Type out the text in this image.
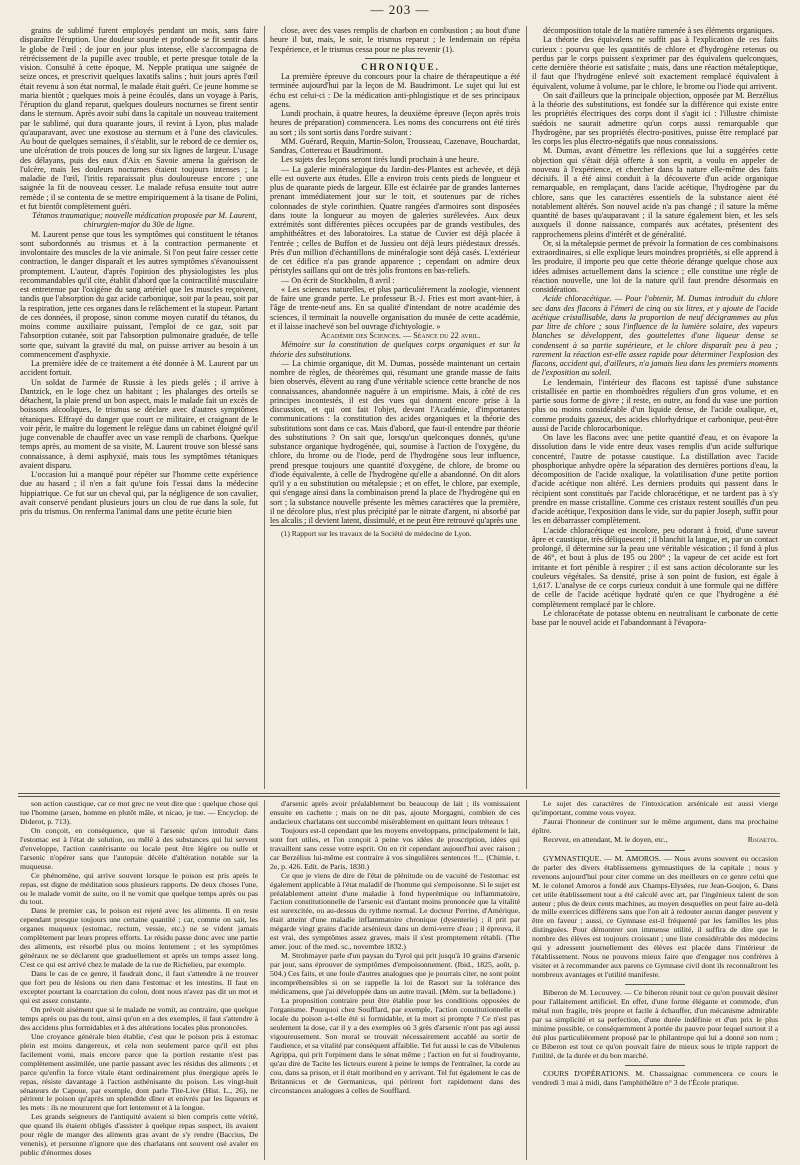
— 203 —

grains de sublimé furent employés pendant un mois, sans faire disparaître l'éruption. Une douleur sourde et profonde se fit sentir dans le globe de l'œil ; de jour en jour plus intense, elle s'accompagna de rétrécissement de la pupille avec trouble, et perte presque totale de la vision. Consulté à cette époque, M. Nepple pratiqua une saignée de seize onces, et prescrivit quelques laxatifs salins ; huit jours après l'œil était revenu à son état normal, le malade était guéri. Ce jeune homme se maria bientôt ; quelques mois à peine écoulés, dans un voyage à Paris, l'éruption du gland reparut, quelques douleurs nocturnes se firent sentir dans le sternum. Après avoir subi dans la capitale un nouveau traitement par le sublimé, qui dura quarante jours, il revint à Lyon, plus malade qu'auparavant, avec une exostose au sternum et à l'une des clavicules. Au bout de quelques semaines, il s'établit, sur le rebord de ce dernier os, une ulcération de trois pouces de long sur six lignes de largeur. L'usage des délayans, puis des eaux d'Aix en Savoie amena la guérison de l'ulcère, mais les douleurs nocturnes étaient toujours intenses ; la maladie de l'œil, l'iritis reparaissait plus douloureuse encore ; une saignée la fit de nouveau cesser. Le malade refusa ensuite tout autre remède ; il se contenta de se mettre empiriquement à la tisane de Polini, et fut bientôt complètement guéri.

Tétanos traumatique; nouvelle médication proposée par M. Laurent, chirurgien-major du 30e de ligne.

M. Laurent pense que tous les symptômes qui constituent le tétanos sont subordonnés au trismus et à la contraction permanente et involontaire des muscles de la vie animale. Si l'on peut faire cesser cette contraction, le danger disparaît et les autres symptômes s'évanouissent promptement. L'auteur, d'après l'opinion des physiologistes les plus recommandables qu'il cite, établit d'abord que la contractilité musculaire est entretenue par l'oxigène du sang artériel que les muscles reçoivent, tandis que l'absorption du gaz acide carbonique, soit par la peau, soit par la respiration, jette ces organes dans le relâchement et la stupeur. Partant de ces données, il propose, sinon comme moyen curatif du tétanos, du moins comme auxiliaire puissant, l'emploi de ce gaz, soit par l'absorption cutanée, soit par l'absorption pulmonaire graduée, de telle sorte que, suivant la gravité du mal, on puisse arriver au besoin à un commencement d'asphyxie.

La première idée de ce traitement a été donnée à M. Laurent par un accident fortuit.

Un soldat de l'armée de Russie à les pieds gelés ; il arrive à Dantzick, en le loge chez un habitant ; les phalanges des orteils se détachent, la plaie prend un bon aspect, mais le malade fait un excès de boissons alcooliques, le trismus se déclare avec d'autres symptômes tétaniques. Effrayé du danger que court ce militaire, et craignant de le voir périr, le maître du logement le relègue dans un cabinet éloigné qu'il juge convenable de chauffer avec un vase rempli de charbons. Quelque temps après, au moment de sa visite, M. Laurent trouve son blessé sans connaissance, à demi asphyxié, mais tous les symptômes tétaniques avaient disparu.

L'occasion lui a manqué pour répéter sur l'homme cette expérience due au hasard ; il n'en a fait qu'une fois l'essai dans la médecine hippiatrique. Ce fut sur un cheval qui, par la négligence de son cavalier, avait conservé pendant plusieurs jours un clou de rue dans la sole, fut pris du trismus. On renferma l'animal dans une petite écurie bien

close, avec des vases remplis de charbon en combustion ; au bout d'une heure il but, mais, le soir, le trismus reparut ; le lendemain on répéta l'expérience, et le trismus cessa pour ne plus revenir (1).

CHRONIQUE.

La première épreuve du concours pour la chaire de thérapeutique a été terminée aujourd'hui par la leçon de M. Baudrimont. Le sujet qui lui est échu est celui-ci : De la médication anti-phlogistique et de ses principaux agens.

Lundi prochain, à quatre heures, la deuxième épreuve (leçon après trois heures de préparation) commencera. Les noms des concurrens ont été tirés au sort ; ils sont sortis dans l'ordre suivant :

MM. Guérard, Requin, Martin-Solon, Trousseau, Cazenave, Bouchardat, Sandras, Cottereau et Baudrimont.

Les sujets des leçons seront tirés lundi prochain à une heure.

— La galerie minéralogique du Jardin-des-Plantes est achevée, et déjà elle est ouverte aux études. Elle a environ trois cents pieds de longueur et plus de quarante pieds de largeur. Elle est éclairée par de grandes lanternes prenant immédiatement jour sur le toit, et soutenues par de riches colonnades de style corinthien. Quatre rangées d'armoires sont disposées dans toute la longueur au moyen de galeries surélevées. Aux deux extrémités sont différentes pièces occupées par de grands vestibules, des amphithéâtres et des laboratoires. La statue de Cuvier est déjà placée à l'entrée ; celles de Buffon et de Jussieu ont déjà leurs piédestaux dressés. Près d'un million d'échantillons de minéralogie sont déjà casés. L'extérieur de cet édifice n'a pas grande apparence ; cependant on admire deux péristyles saillans qui ont de très jolis frontons en bas-reliefs.

— On écrit de Stockholm, 8 avril :

« Les sciences naturelles, et plus particulièrement la zoologie, viennent de faire une grande perte. Le professeur B.-J. Fries est mort avant-hier, à l'âge de trente-neuf ans. En sa qualité d'intendant de notre académie des sciences, il terminait la nouvelle organisation du musée de cette académie, et il laisse inachevé son bel ouvrage d'ichtyologie. »

Académie des Sciences. — Séance du 22 avril.

Mémoire sur la constitution de quelques corps organiques et sur la théorie des substitutions.

— La chimie organique, dit M. Dumas, possède maintenant un certain nombre de règles, de théorèmes qui, résumant une grande masse de faits bien observés, élèvent au rang d'une véritable science cette branche de nos connaissances, abandonnée naguère à un empirisme. Mais, à côté de ces principes incontestés, il est des vues qui donnent encore prise à la discussion, et qui ont fait l'objet, devant l'Académie, d'importantes communications : la constitution des acides organiques et la théorie des substitutions sont dans ce cas. Mais d'abord, que faut-il entendre par théorie des substitutions ? On sait que, lorsqu'un quelconques donnés, qu'une substance organique hydrogénée, qui, soumise à l'action de l'oxygène, du chlore, du brome ou de l'iode, perd de l'hydrogène sous leur influence, prend presque toujours une quantité d'oxygène, de chlore, de brome ou d'iode équivalente, à celle de l'hydrogène qu'elle a abandonné. On dit alors qu'il y a eu substitution ou métalepsie ; et on effet, le chlore, par exemple, qui s'engage ainsi dans la combinaison prend la place de l'hydrogène qui en sort ; la substance nouvelle présente les mêmes caractères que la première, il ne décolore plus, n'est plus précipité par le nitrate d'argent, ni absorbé par les alcalis ; il devient latent, dissimulé, et ne peut être retrouvé qu'après une

(1) Rapport sur les travaux de la Société de médecine de Lyon.

décomposition totale de la matière ramenée à ses éléments organiques.

La théorie des équivalens ne suffit pas à l'explication de ces faits curieux : pourvu que les quantités de chlore et d'hydrogène retenus ou perdus par le corps puissent s'exprimer par des équivalens quelconques, cette dernière théorie est satisfaite ; mais, dans une réaction métaleptique, il faut que l'hydrogène enlevé soit exactement remplacé équivalent à équivalent, volume à volume, par le chlore, le brome ou l'iode qui arrivent.

On sait d'ailleurs que la principale objection, opposée par M. Berzélius à la théorie des substitutions, est fondée sur la différence qui existe entre les propriétés électriques des corps dont il s'agit ici : l'illustre chimiste suédois ne saurait admettre qu'un corps aussi remarquable que l'hydrogène, par ses propriétés électro-positives, puisse être remplacé par les corps les plus électro-négatifs que nous connaissions.

M. Dumas, avant d'émettre les réflexions que lui a suggérées cette objection qui s'était déjà offerte à son esprit, a voulu en appeler de nouveau à l'expérience, et chercher dans la nature elle-même des faits décisifs. Il a été ainsi conduit à la découverte d'un acide organique remarquable, en remplaçant, dans l'acide acétique, l'hydrogène par du chlore, sans que les caractères essentiels de la substance aient été notablement altérés. Son nouvel acide n'a pas changé ; il sature la même quantité de bases qu'auparavant ; il la sature également bien, et les sels auxquels il donne naissance, comparés aux acétates, présentent des rapprochemens pleins d'intérêt et de généralité.

Or, si la métalepsie permet de prévoir la formation de ces combinaisons extraordinaires, si elle explique leurs moindres propriétés, si elle apprend à les produire, il importe peu que cette théorie dérange quelque chose aux idées admises actuellement dans la science ; elle constitue une règle de réaction nouvelle, une loi de la nature qu'il faut prendre désormais en considération.

Acide chloracétique. — Pour l'obtenir, M. Dumas introduit du chlore sec dans des flacons à l'émeri de cinq ou six litres, et y ajoute de l'acide acétique cristallisable, dans la proportion de neuf décigrammes au plus par litre de chlore ; sous l'influence de la lumière solaire, des vapeurs blanches se développent, des gouttelettes d'une liqueur dense se condensent à sa partie supérieure, et le chlore disparaît peu à peu ; rarement la réaction est-elle assez rapide pour déterminer l'explosion des flacons, accident qui, d'ailleurs, n'a jamais lieu dans les premiers moments de l'exposition au soleil.

Le lendemain, l'intérieur des flacons est tapissé d'une substance cristallisée en partie en rhomboèdres réguliers d'un gros volume, et en partie sous forme de givre ; il reste, en outre, au fond du vase une portion plus ou moins considérable d'un liquide dense, de l'acide oxalique, et, comme produits gazeux, des acides chlorhydrique et carbonique, peut-être aussi de l'acide chlorocarbonique.

On lave les flacons avec une petite quantité d'eau, et on évapore la dissolution dans le vide entre deux vases remplis d'un acide sulfurique concentré, l'autre de potasse caustique. La distillation avec l'acide phosphorique anhydre opère la séparation des dernières portions d'eau, la décomposition de l'acide oxalique, la volatilisation d'une petite portion d'acide acétique non altéré. Les derniers produits qui passent dans le récipient sont constitués par l'acide chloracétique, et ne tardent pas à s'y prendre en masse cristalline. Comme ces cristaux restent souillés d'un peu d'acide acétique, l'exposition dans le vide, sur du papier Joseph, suffit pour les en débarrasser complètement.

L'acide chloracétique est incolore, peu odorant à froid, d'une saveur âpre et caustique, très déliquescent ; il blanchit la langue, et, par un contact prolongé, il détermine sur la peau une véritable vésication ; il fond à plus de 46°, et bout à plus de 195 ou 200° ; la vapeur de cet acide est fort irritante et fort pénible à respirer ; il est sans action décolorante sur les couleurs végétales. Sa densité, prise à son point de fusion, est égale à 1,617. L'analyse de ce corps curieux conduit à une formule qui ne diffère de celle de l'acide acétique hydraté qu'en ce que l'hydrogène a été complètement remplacé par le chlore.

Le chloracétate de potasse obtenu en neutralisant le carbonate de cette base par le nouvel acide et l'abandonnant à l'évapora-

son action caustique, car ce mot grec ne veut dire que : quelque chose qui tue l'homme (arsen, homme en plutôt mâle, et nicao, je tue. — Encyclop. de Diderot, p. 713).

On conçoit, en conséquence, que si l'arsenic qu'on introduit dans l'estomac est à l'état de solution, ou mêlé à des substances qui lui servent d'enveloppe, l'action cautérisante ou locale peut être légère ou nulle et l'arsenic n'opérer sans que l'autopsie décèle d'altération notable sur la muqueuse.

Ce phénomène, qui arrive souvent lorsque le poison est pris après le repas, est digne de méditation sous plusieurs rapports. De deux choses l'une, ou le malade vomit de suite, ou il ne vomit que quelque temps après ou pas du tout.

Dans le premier cas, le poison est rejeté avec les aliments. Il en reste cependant presque toujours une certaine quantité ; car, comme on sait, les organes muqueux (estomac, rectum, vessie, etc.) ne se vident jamais complètement par leurs propres efforts. Le résidu passe donc avec une partie des aliments, est résorbé plus ou moins lentement ; et les symptômes généraux ne se déclarent que graduellement et après un temps assez long. C'est ce qui est arrivé chez le malade de la rue de Richelieu, par exemple.

Dans le cas de ce genre, il faudrait donc, il faut s'attendre à ne trouver que fort peu de lésions ou rien dans l'estomac et les intestins. Il faut en excepter pourtant la coarctation du colon, dont nous n'avez pas dit un mot et qui est assez constante.

On prévoit aisément que si le malade ne vomit, au contraire, que quelque temps après ou pas du tout, ainsi qu'on en a des exemples, il faut s'attendre à des accidens plus formidables et à des altérations locales plus prononcées.

Une croyance générale bien établie, c'est que le poison pris à estomac plein est moins dangereux, et cela non seulement parce qu'il est plus facilement vomi, mais encore parce que la portion restante n'est pas complètement assimilée, une partie passant avec les résidus des aliments ; et parce qu'enfin la force vitale étant ordinairement plus énergique après le repas, résiste davantage à l'action asthénisante du poison. Les vingt-huit sénateurs de Capoue, par exemple, dont parle Tite-Live (Hist. L., 26), ne périrent le poison qu'après un splendide dîner et enivrés par les liqueurs et les mets : ils ne moururent que fort lentement et à la longue.

Les grands seigneurs de l'antiquité avaient si bien compris cette vérité, que quand ils étaient obligés d'assister à quelque repas suspect, ils avaient pour règle de manger des aliments gras avant de s'y rendre (Baccius, De venenis), et personne n'ignore que des charlatans ont souvent osé avaler en public d'énormes doses

d'arsenic après avoir préalablement bu beaucoup de lait ; ils vomissaient ensuite en cachette ; mais on ne dit pas, ajoute Morgagni, combien de ces audacieux charlatans ont succombé misérablement en quittant leurs tréteaux !

Toujours est-il cependant que les moyens enveloppans, principalement le lait, sont fort utiles, et l'on conçoit à peine vos idées de proscription, idées qui travaillent sans cesse votre esprit. On en rit cependant aujourd'hui avec raison ; car Berzélius lui-même est contraire à vos singulières sentences !!... (Chimie, t. 2e, p. 426. Edit. de Paris, 1830.)

Ce que je viens de dire de l'état de plénitude ou de vacuité de l'estomac est également applicable à l'état maladif de l'homme qui s'empoisonne. Si le sujet est préalablement atteint d'une maladie à fond hyperémique ou inflammatoire, l'action constitutionnelle de l'arsenic est d'autant moins prononcée que la vitalité est surexcitée, ou au-dessus du rythme normal. Le docteur Perrine, d'Amérique, était atteint d'une maladie inflammatoire chronique (dysenterie) ; il prit par mégarde vingt grains d'acide arsénieux dans un demi-verre d'eau ; il épreuva, il est vrai, des symptômes assez graves, mais il s'est promptement rétabli. (The amer. jour. of the med. sc., novembre 1832.)

M. Strohmayer parle d'un paysan du Tyrol qui prit jusqu'à 10 grains d'arsenic par jour, sans éprouver de symptômes d'empoisonnement. (Ibid., 1825, août, p. 504.) Ces faits, et une foule d'autres analogues que je pourrais citer, ne sont point incompréhensibles si on se rappelle la loi de Rasori sur la tolérance des médicamens, que j'ai développée dans un autre travail. (Mém. sur la belladone.)

La proposition contraire peut être établie pour les conditions opposées de l'organisme. Pourquoi chez Soufflard, par exemple, l'action constitutionnelle et locale du poison a-t-elle été si formidable, et la mort si prompte ? Ce n'est pas seulement la dose, car il y a des exemples où 3 grés d'arsenic n'ont pas agi aussi vigoureusement. Son moral se trouvait nécessairement accablé au sortir de l'audience, et sa vitalité par conséquent affaiblie. Tel fut aussi le cas de Vibulenus Agrippa, qui prit l'orpiment dans le sénat même ; l'action en fut si foudroyante, qu'au dire de Tacite les licteurs eurent à peine le temps de l'entraîner, la corde au cou, dans sa prison, et il était moribond en y arrivant. Tel fut également le cas de Britannicus et de Germanicus, qui périrent fort rapidement dans des circonstances analogues à celles de Soufflard.

Le sujet des caractères de l'intoxication arsénicale est aussi vierge qu'important, comme vous voyez.

J'aurai l'honneur de continuer sur le même argument, dans ma prochaine épître.

Recevez, en attendant, M. le doyen, etc.,	Rognetta.

GYMNASTIQUE. — M. AMOROS. — Nous avons souvent eu occasion de parler des divers établissemens gymnastiques de la capitale ; nous y revenons aujourd'hui pour citer comme un des meilleurs en ce genre celui que M. le colonel Amoros a fondé aux Champs-Elysées, rue Jean-Goujon, 6. Dans cet utile établissement tout a été calculé avec art, par l'ingénieux talent de son auteur ; plus de deux cents machines, au moyen desquelles on peut faire au-delà de mille exercices différens sans que l'on ait à redouter aucun danger peuvent y être en faveur ; aussi, ce Gymnase est-il fréquenté par les familles les plus distinguées. Pour démontrer son immense utilité, il suffira de dire que le nombre des élèves est toujours croissant ; une liste considérable des médecins qui y adressent journellement des élèves est placée dans l'intérieur de l'établissement. Nous ne pouvons mieux faire que d'engager nos confrères à visiter et à recommander aux parens ce Gymnase civil dont ils reconnaîtront les nombreux avantages et l'utilité manifeste.

Biberon de M. Lecouvey. — Ce biberon réunit tout ce qu'on pouvait désirer pour l'allaitement artificiel. En effet, d'une forme élégante et commode, d'un métal non fragile, très propre et facile à échauffer, d'un mécanisme admirable par sa simplicité et sa perfection, d'une durée indéfinie et d'un prix le plus minime possible, ce conséquemment à portée du pauvre pour lequel surtout il a été plus particulièrement proposé par le philantrope qui lui a donné son nom ; ce Biberon est tout ce qu'on pouvait faire de mieux sous le triple rapport de l'utilité, de la durée et du bon marché.

COURS D'OPÉRATIONS. M. Chassaignac commencera ce cours le vendredi 3 mai à midi, dans l'amphithéâtre n° 3 de l'École pratique.
